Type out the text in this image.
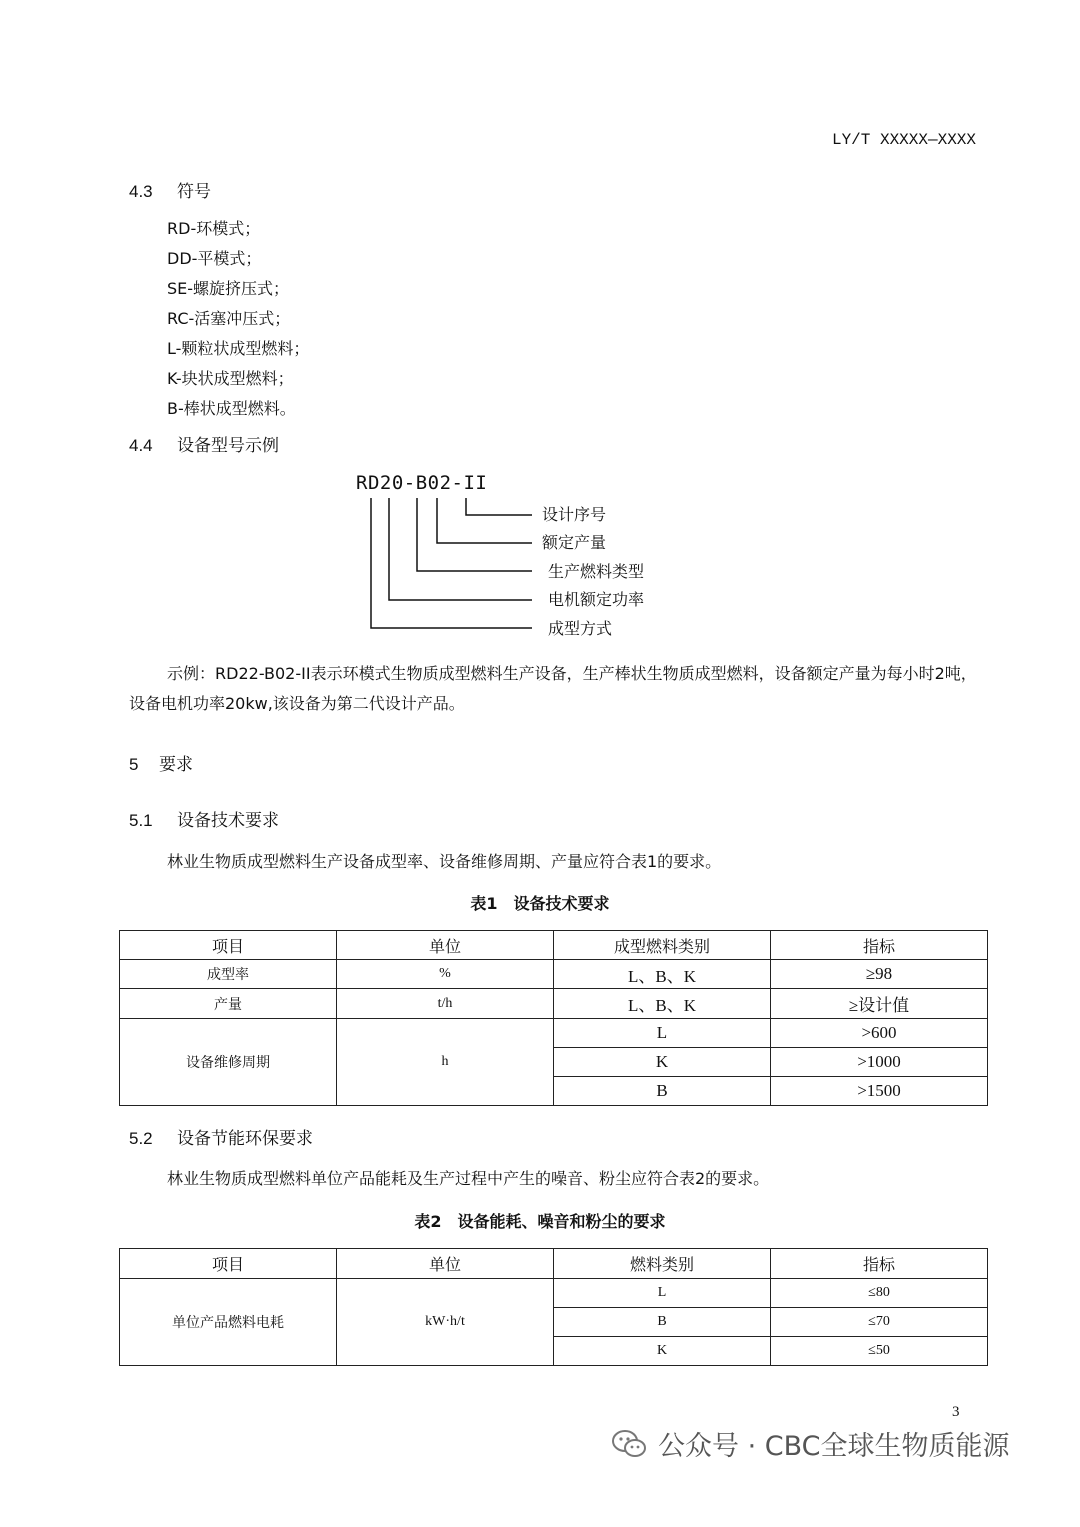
LY/T XXXXX—XXXX
4.3 符号
RD-环模式；
DD-平模式；
SE-螺旋挤压式；
RC-活塞冲压式；
L-颗粒状成型燃料；
K-块状成型燃料；
B-棒状成型燃料。
4.4 设备型号示例
RD20-B02-II
设计序号
额定产量
生产燃料类型
电机额定功率
成型方式
示例：RD22-B02-II表示环模式生物质成型燃料生产设备，生产棒状生物质成型燃料，设备额定产量为每小时2吨，设备电机功率20kw,该设备为第二代设计产品。
5 要求
5.1 设备技术要求
林业生物质成型燃料生产设备成型率、设备维修周期、产量应符合表1的要求。
表1　设备技术要求
项目	单位	成型燃料类别	指标
成型率	%	L、B、K	≥98
产量	t/h	L、B、K	≥设计值
设备维修周期	h	L	>600
		K	>1000
		B	>1500
5.2 设备节能环保要求
林业生物质成型燃料单位产品能耗及生产过程中产生的噪音、粉尘应符合表2的要求。
表2　设备能耗、噪音和粉尘的要求
项目	单位	燃料类别	指标
单位产品燃料电耗	kW·h/t	L	≤80
		B	≤70
		K	≤50
3
公众号 · CBC全球生物质能源
